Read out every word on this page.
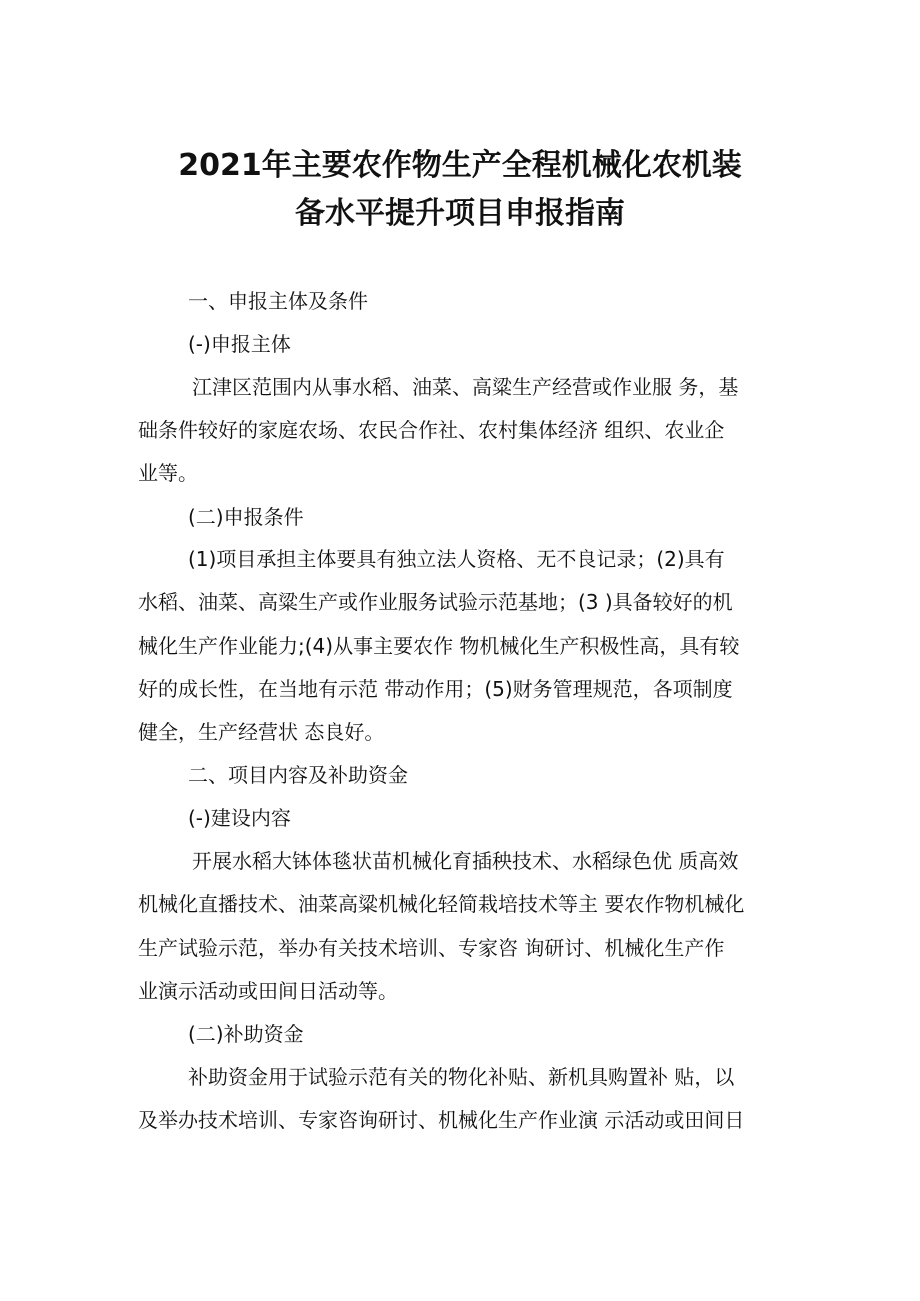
2021年主要农作物生产全程机械化农机装
备水平提升项目申报指南
一、申报主体及条件
(-)申报主体
江津区范围内从事水稻、油菜、高粱生产经营或作业服 务，基
础条件较好的家庭农场、农民合作社、农村集体经济 组织、农业企
业等。
(二)申报条件
(1)项目承担主体要具有独立法人资格、无不良记录；(2)具有
水稻、油菜、高粱生产或作业服务试验示范基地；(3 )具备较好的机
械化生产作业能力;(4)从事主要农作 物机械化生产积极性高，具有较
好的成长性，在当地有示范 带动作用；(5)财务管理规范，各项制度
健全，生产经营状 态良好。
二、项目内容及补助资金
(-)建设内容
开展水稻大钵体毯状苗机械化育插秧技术、水稻绿色优 质高效
机械化直播技术、油菜高粱机械化轻简栽培技术等主 要农作物机械化
生产试验示范，举办有关技术培训、专家咨 询研讨、机械化生产作
业演示活动或田间日活动等。
(二)补助资金
补助资金用于试验示范有关的物化补贴、新机具购置补 贴，以
及举办技术培训、专家咨询研讨、机械化生产作业演 示活动或田间日
